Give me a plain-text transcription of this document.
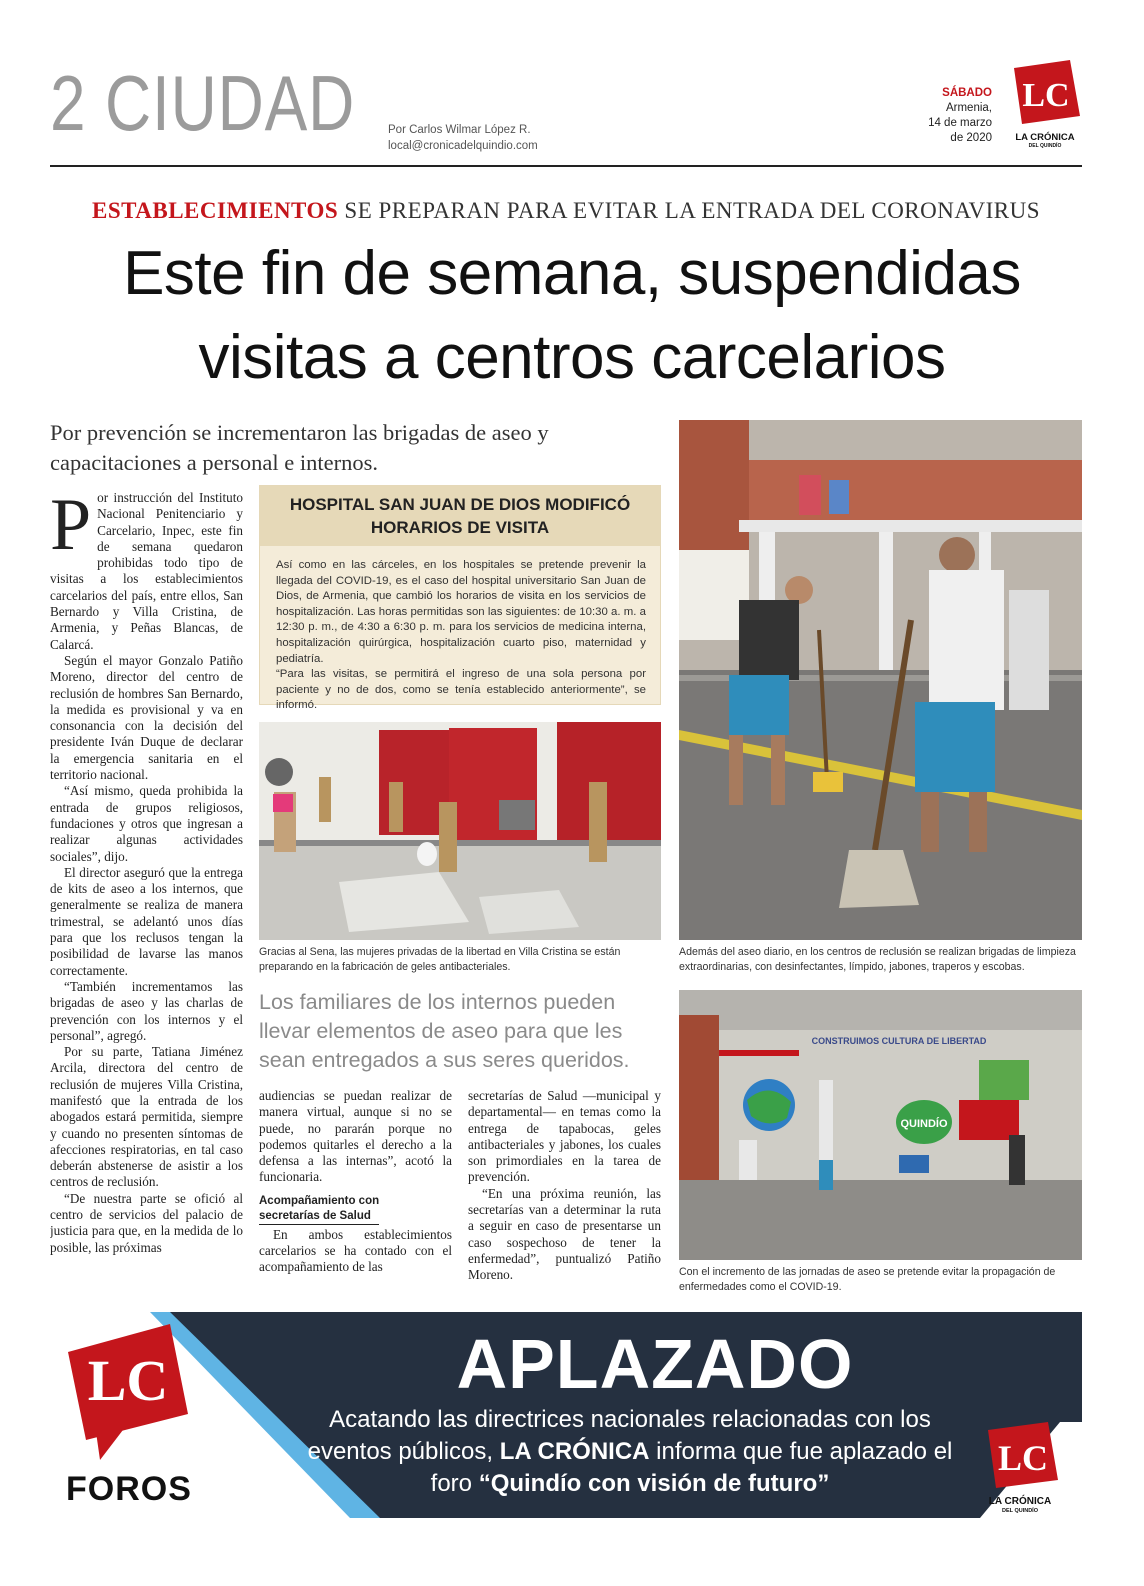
2 CIUDAD	Por Carlos Wilmar López R.
local@cronicadelquindio.com
SÁBADO
Armenia,
14 de marzo
de 2020
LC
LA CRÓNICA
DEL QUINDÍO
ESTABLECIMIENTOS SE PREPARAN PARA EVITAR LA ENTRADA DEL CORONAVIRUS
Este fin de semana, suspendidas
visitas a centros carcelarios
Por prevención se incrementaron las brigadas de aseo y capacitaciones a personal e internos.
P or instrucción del Instituto Nacional Penitenciario y Carcelario, Inpec, este fin de semana quedaron prohibidas todo tipo de visitas a los establecimientos carcelarios del país, entre ellos, San Bernardo y Villa Cristina, de Armenia, y Peñas Blancas, de Calarcá.

Según el mayor Gonzalo Patiño Moreno, director del centro de reclusión de hombres San Bernardo, la medida es provisional y va en consonancia con la decisión del presidente Iván Duque de declarar la emergencia sanitaria en el territorio nacional.

“Así mismo, queda prohibida la entrada de grupos religiosos, fundaciones y otros que ingresan a realizar algunas actividades sociales”, dijo.

El director aseguró que la entrega de kits de aseo a los internos, que generalmente se realiza de manera trimestral, se adelantó unos días para que los reclusos tengan la posibilidad de lavarse las manos correctamente.

“También incrementamos las brigadas de aseo y las charlas de prevención con los internos y el personal”, agregó.

Por su parte, Tatiana Jiménez Arcila, directora del centro de reclusión de mujeres Villa Cristina, manifestó que la entrada de los abogados estará permitida, siempre y cuando no presenten síntomas de afecciones respiratorias, en tal caso deberán abstenerse de asistir a los centros de reclusión.

“De nuestra parte se ofició al centro de servicios del palacio de justicia para que, en la medida de lo posible, las próximas

HOSPITAL SAN JUAN DE DIOS MODIFICÓ
HORARIOS DE VISITA
Así como en las cárceles, en los hospitales se pretende prevenir la llegada del COVID-19, es el caso del hospital universitario San Juan de Dios, de Armenia, que cambió los horarios de visita en los servicios de hospitalización. Las horas permitidas son las siguientes: de 10:30 a. m. a 12:30 p. m., de 4:30 a 6:30 p. m. para los servicios de medicina interna, hospitalización quirúrgica, hospitalización cuarto piso, maternidad y pediatría.
“Para las visitas, se permitirá el ingreso de una sola persona por paciente y no de dos, como se tenía establecido anteriormente”, se informó.
Gracias al Sena, las mujeres privadas de la libertad en Villa Cristina se están preparando en la fabricación de geles antibacteriales.
Los familiares de los internos pueden llevar elementos de aseo para que les sean entregados a sus seres queridos.

audiencias se puedan realizar de manera virtual, aunque si no se puede, no pararán porque no podemos quitarles el derecho a la defensa a las internas”, acotó la funcionaria.

Acompañamiento con
secretarías de Salud

En ambos establecimientos carcelarios se ha contado con el acompañamiento de las

secretarías de Salud —municipal y departamental— en temas como la entrega de tapabocas, geles antibacteriales y jabones, los cuales son primordiales en la tarea de prevención.

“En una próxima reunión, las secretarías van a determinar la ruta a seguir en caso de presentarse un caso sospechoso de tener la enfermedad”, puntualizó Patiño Moreno.

Además del aseo diario, en los centros de reclusión se realizan brigadas de limpieza extraordinarias, con desinfectantes, límpido, jabones, traperos y escobas.
CONSTRUIMOS CULTURA DE LIBERTAD
QUINDÍO
Con el incremento de las jornadas de aseo se pretende evitar la propagación de enfermedades como el COVID-19.
LC
FOROS
APLAZADO
Acatando las directrices nacionales relacionadas con los eventos públicos, LA CRÓNICA informa que fue aplazado el foro “Quindío con visión de futuro”
LC
LA CRÓNICA
DEL QUINDÍO
